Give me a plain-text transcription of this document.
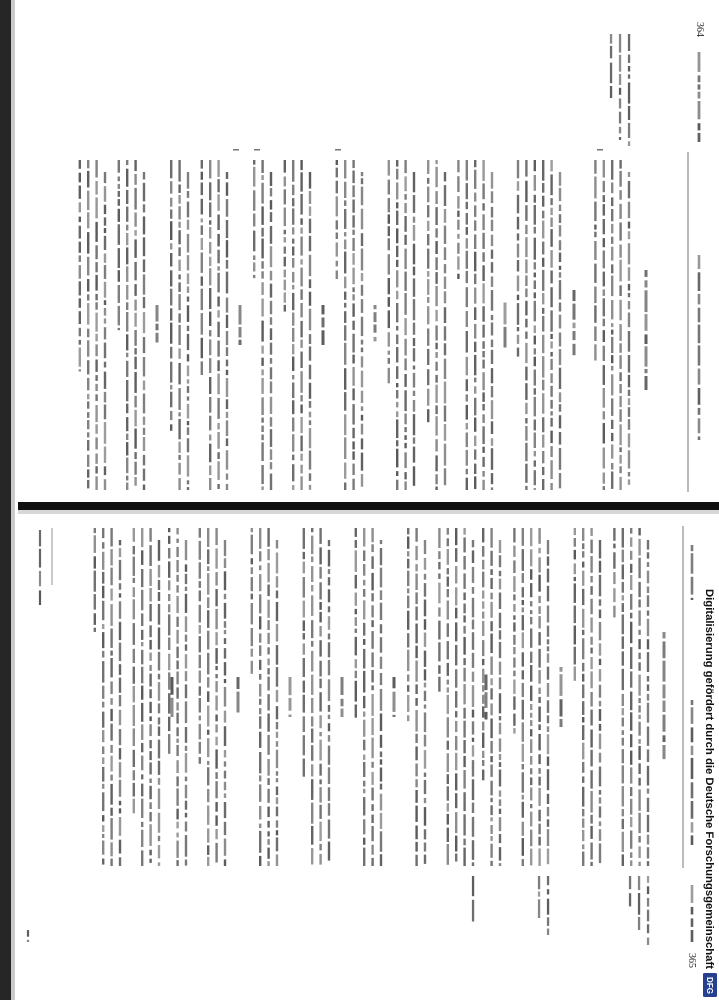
364
365
Digitalisierung gefördert durch die Deutsche Forschungsgemeinschaft
DFG
